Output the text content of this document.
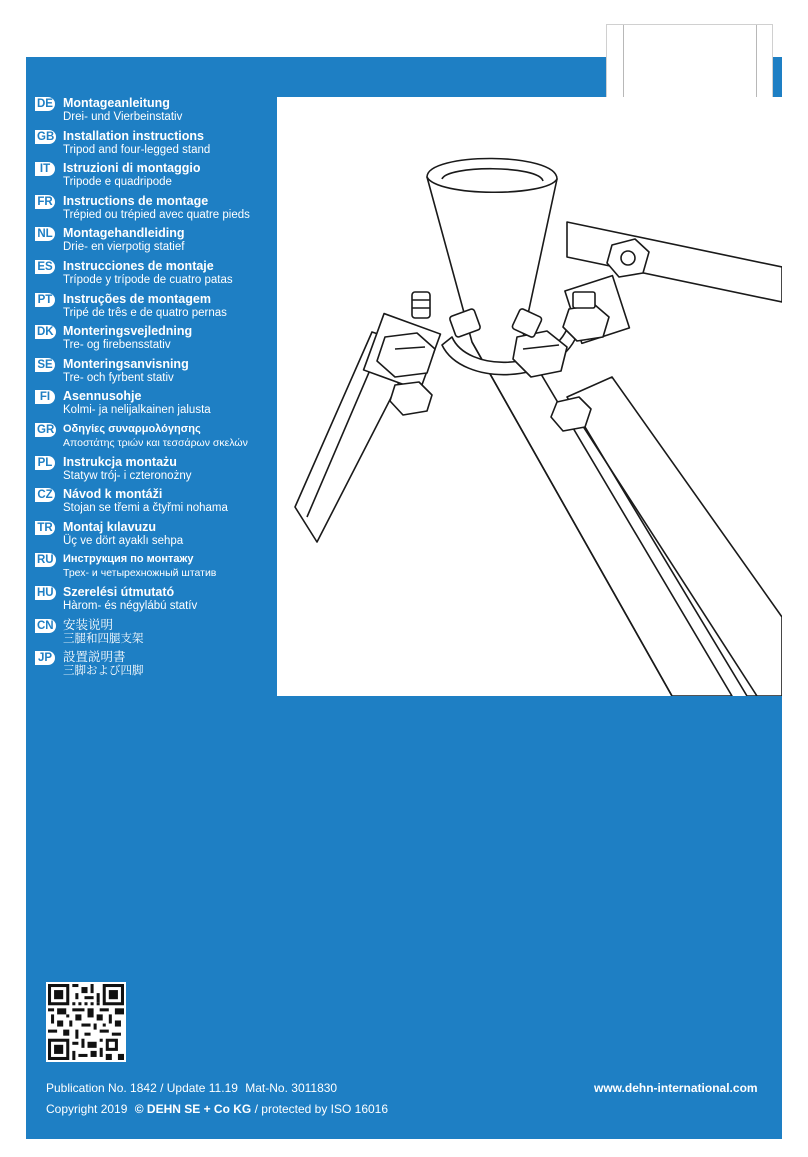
DE Montageanleitung
Drei- und Vierbeinstativ
GB Installation instructions
Tripod and four-legged stand
IT	Istruzioni di montaggio
Tripode e quadripode
FR Instructions de montage
Trépied ou trépied avec quatre pieds
NL Montagehandleiding
Drie- en vierpotig statief
ES Instrucciones de montaje
Trípode y trípode de cuatro patas
PT Instruções de montagem
Tripé de três e de quatro pernas
DK Monteringsvejledning
Tre- og firebensstativ
SE Monteringsanvisning
Tre- och fyrbent stativ
FI	Asennusohje
Kolmi- ja nelijalkainen jalusta
GR Οδηγίες συναρμολόγησης
Αποστάτης τριών και τεσσάρων σκελών
PL Instrukcja montażu
Statyw trój- i czteronożny
CZ Návod k montáži
Stojan se třemi a čtyřmi nohama
TR Montaj kılavuzu
Üç ve dört ayaklı sehpa
RU Инструкция по монтажу
Трех- и четырехножный штатив
HU Szerelési útmutató
Hàrom- és négylábú statív
CN 安装说明
三腿和四腿支架
JP 設置説明書
三脚および四脚
Publication No. 1842 / Update 11.19 Mat-No. 3011830	www.dehn-international.com
Copyright 2019 © DEHN SE + Co KG / protected by ISO 16016
